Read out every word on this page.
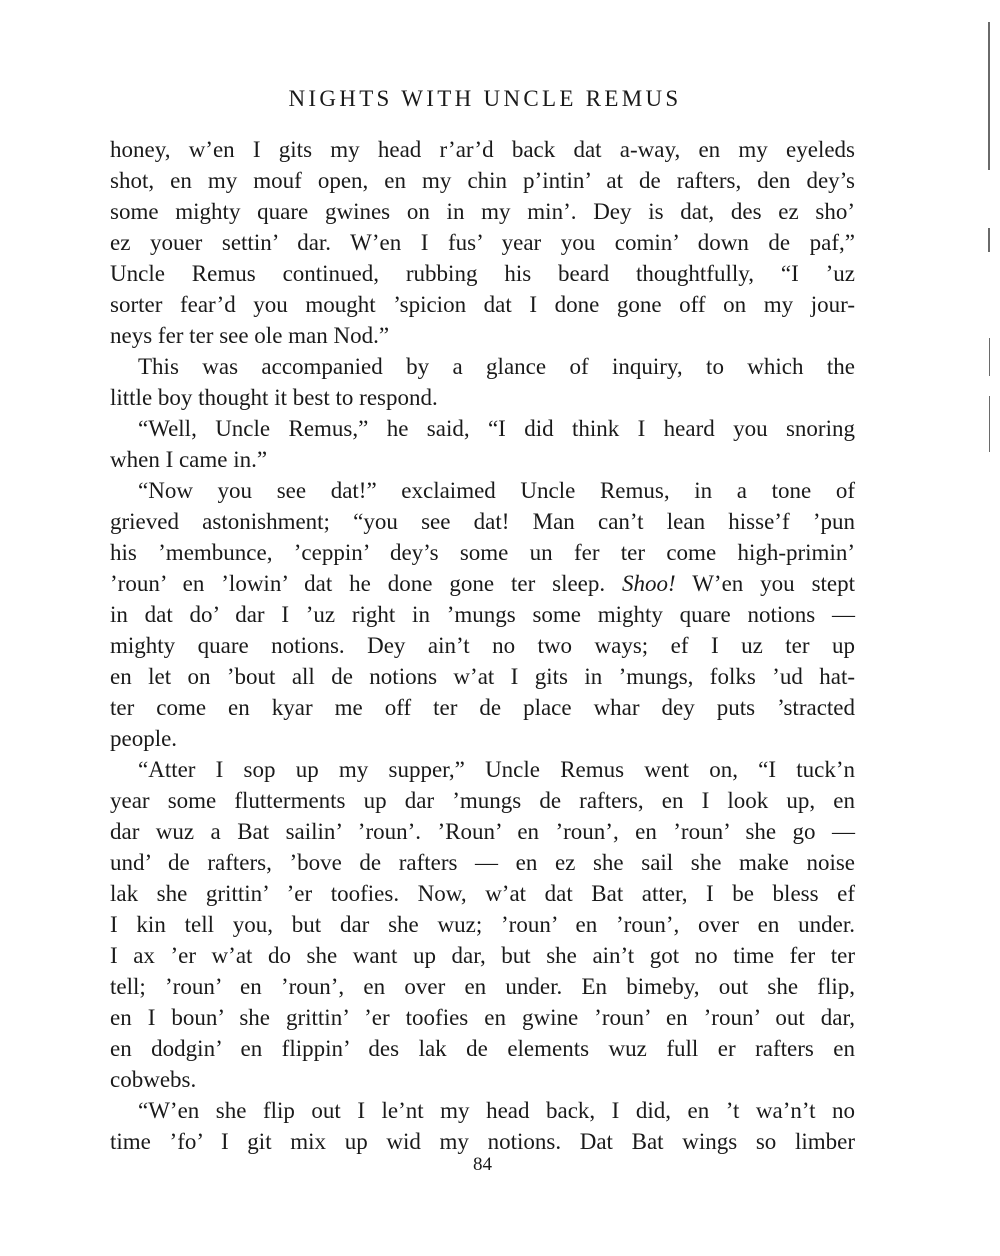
NIGHTS WITH UNCLE REMUS
honey, w’en I gits my head r’ar’d back dat a-way, en my eyeleds
shot, en my mouf open, en my chin p’intin’ at de rafters, den dey’s
some mighty quare gwines on in my min’. Dey is dat, des ez sho’
ez youer settin’ dar. W’en I fus’ year you comin’ down de paf,”
Uncle Remus continued, rubbing his beard thoughtfully, “I ’uz
sorter fear’d you mought ’spicion dat I done gone off on my jour-
neys fer ter see ole man Nod.”
This was accompanied by a glance of inquiry, to which the
little boy thought it best to respond.
“Well, Uncle Remus,” he said, “I did think I heard you snoring
when I came in.”
“Now you see dat!” exclaimed Uncle Remus, in a tone of
grieved astonishment; “you see dat! Man can’t lean hisse’f ’pun
his ’membunce, ’ceppin’ dey’s some un fer ter come high-primin’
’roun’ en ’lowin’ dat he done gone ter sleep. Shoo! W’en you stept
in dat do’ dar I ’uz right in ’mungs some mighty quare notions —
mighty quare notions. Dey ain’t no two ways; ef I uz ter up
en let on ’bout all de notions w’at I gits in ’mungs, folks ’ud hat-
ter come en kyar me off ter de place whar dey puts ’stracted
people.
“Atter I sop up my supper,” Uncle Remus went on, “I tuck’n
year some flutterments up dar ’mungs de rafters, en I look up, en
dar wuz a Bat sailin’ ’roun’. ’Roun’ en ’roun’, en ’roun’ she go —
und’ de rafters, ’bove de rafters — en ez she sail she make noise
lak she grittin’ ’er toofies. Now, w’at dat Bat atter, I be bless ef
I kin tell you, but dar she wuz; ’roun’ en ’roun’, over en under.
I ax ’er w’at do she want up dar, but she ain’t got no time fer ter
tell; ’roun’ en ’roun’, en over en under. En bimeby, out she flip,
en I boun’ she grittin’ ’er toofies en gwine ’roun’ en ’roun’ out dar,
en dodgin’ en flippin’ des lak de elements wuz full er rafters en
cobwebs.
“W’en she flip out I le’nt my head back, I did, en ’t wa’n’t no
time ’fo’ I git mix up wid my notions. Dat Bat wings so limber
84
